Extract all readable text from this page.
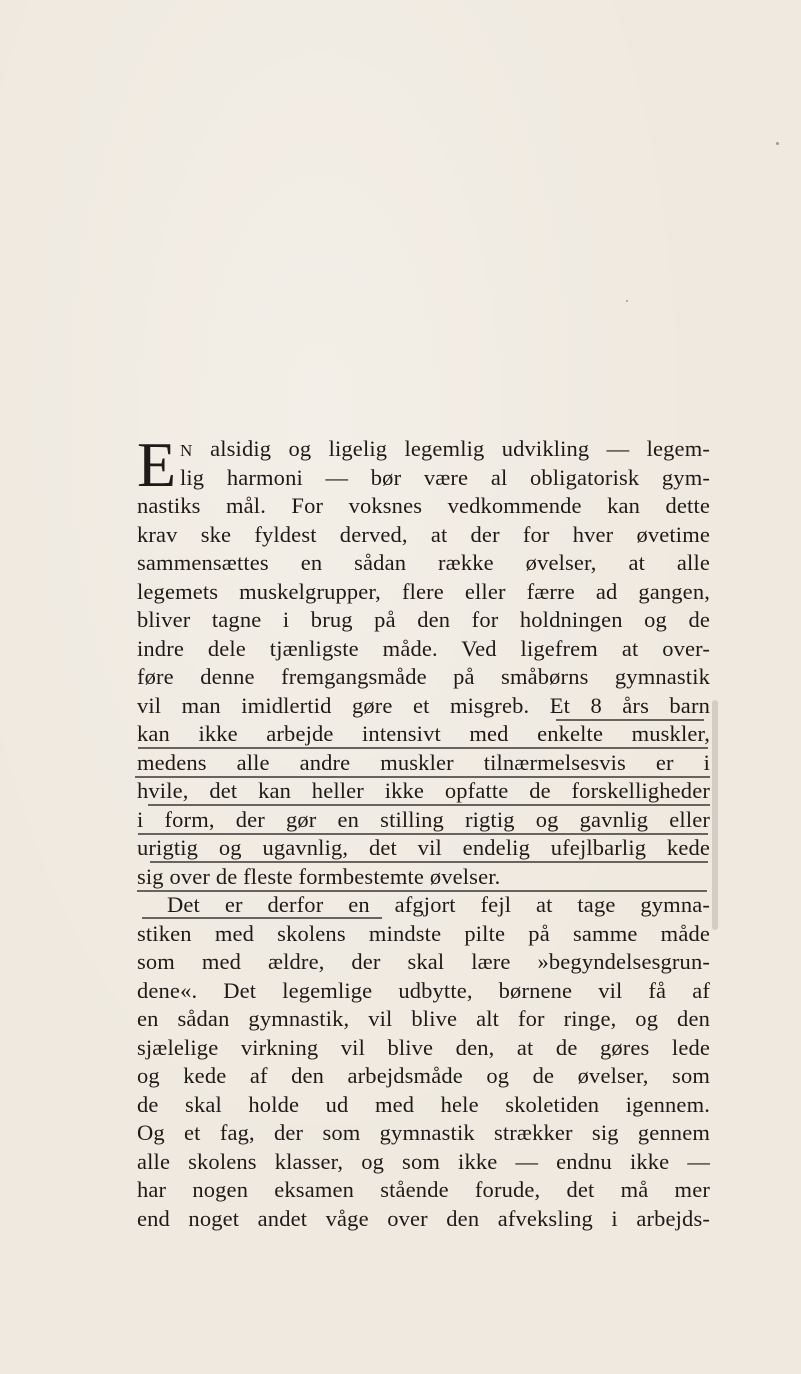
E N alsidig og ligelig legemlig udvikling — legem-
lig harmoni — bør være al obligatorisk gym-
nastiks mål. For voksnes vedkommende kan dette
krav ske fyldest derved, at der for hver øvetime
sammensættes en sådan række øvelser, at alle
legemets muskelgrupper, flere eller færre ad gangen,
bliver tagne i brug på den for holdningen og de
indre dele tjænligste måde. Ved ligefrem at over-
føre denne fremgangsmåde på småbørns gymnastik
vil man imidlertid gøre et misgreb. Et 8 års barn
kan ikke arbejde intensivt med enkelte muskler,
medens alle andre muskler tilnærmelsesvis er i
hvile, det kan heller ikke opfatte de forskelligheder
i form, der gør en stilling rigtig og gavnlig eller
urigtig og ugavnlig, det vil endelig ufejlbarlig kede
sig over de fleste formbestemte øvelser.
Det er derfor en afgjort fejl at tage gymna-
stiken med skolens mindste pilte på samme måde
som med ældre, der skal lære »begyndelsesgrun-
dene«. Det legemlige udbytte, børnene vil få af
en sådan gymnastik, vil blive alt for ringe, og den
sjælelige virkning vil blive den, at de gøres lede
og kede af den arbejdsmåde og de øvelser, som
de skal holde ud med hele skoletiden igennem.
Og et fag, der som gymnastik strækker sig gennem
alle skolens klasser, og som ikke — endnu ikke —
har nogen eksamen stående forude, det må mer
end noget andet våge over den afveksling i arbejds-
